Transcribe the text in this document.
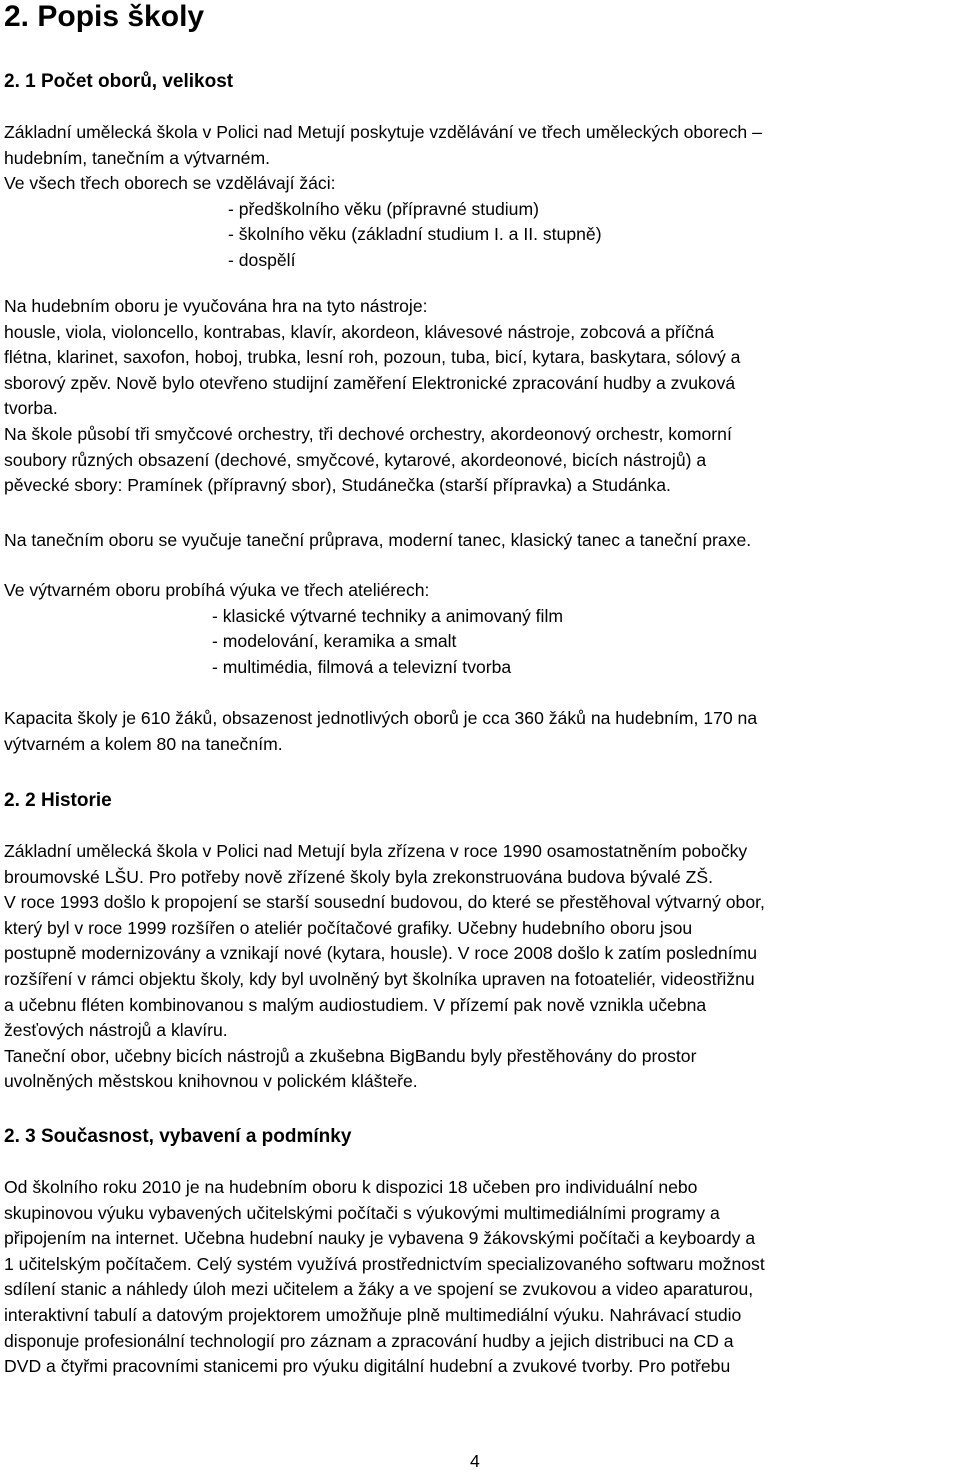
2. Popis školy
2. 1 Počet oborů, velikost
Základní umělecká škola v Polici nad Metují poskytuje vzdělávání ve třech uměleckých oborech –
hudebním, tanečním a výtvarném.
Ve všech třech oborech se vzdělávají žáci:
- předškolního věku (přípravné studium)
- školního věku (základní studium I. a II. stupně)
- dospělí
Na hudebním oboru je vyučována hra na tyto nástroje:
housle, viola, violoncello, kontrabas, klavír, akordeon, klávesové nástroje, zobcová a příčná
flétna, klarinet, saxofon, hoboj, trubka, lesní roh, pozoun, tuba, bicí, kytara, baskytara, sólový a
sborový zpěv. Nově bylo otevřeno studijní zaměření Elektronické zpracování hudby a zvuková
tvorba.
Na škole působí tři smyčcové orchestry, tři dechové orchestry, akordeonový orchestr, komorní
soubory různých obsazení (dechové, smyčcové, kytarové, akordeonové, bicích nástrojů) a
pěvecké sbory: Pramínek (přípravný sbor), Studánečka (starší přípravka) a Studánka.
Na tanečním oboru se vyučuje taneční průprava, moderní tanec, klasický tanec a taneční praxe.
Ve výtvarném oboru probíhá výuka ve třech ateliérech:
- klasické výtvarné techniky a animovaný film
- modelování, keramika a smalt
- multimédia, filmová a televizní tvorba
Kapacita školy je 610 žáků, obsazenost jednotlivých oborů je cca 360 žáků na hudebním, 170 na
výtvarném a kolem 80 na tanečním.
2. 2 Historie
Základní umělecká škola v Polici nad Metují byla zřízena v roce 1990 osamostatněním pobočky
broumovské LŠU. Pro potřeby nově zřízené školy byla zrekonstruována budova bývalé ZŠ.
V roce 1993 došlo k propojení se starší sousední budovou, do které se přestěhoval výtvarný obor,
který byl v roce 1999 rozšířen o ateliér počítačové grafiky. Učebny hudebního oboru jsou
postupně modernizovány a vznikají nové (kytara, housle). V roce 2008 došlo k zatím poslednímu
rozšíření v rámci objektu školy, kdy byl uvolněný byt školníka upraven na fotoateliér, videostřižnu
a učebnu fléten kombinovanou s malým audiostudiem. V přízemí pak nově vznikla učebna
žesťových nástrojů a klavíru.
Taneční obor, učebny bicích nástrojů a zkušebna BigBandu byly přestěhovány do prostor
uvolněných městskou knihovnou v polickém klášteře.
2. 3 Současnost, vybavení a podmínky
Od školního roku 2010 je na hudebním oboru k dispozici 18 učeben pro individuální nebo
skupinovou výuku vybavených učitelskými počítači s výukovými multimediálními programy a
připojením na internet. Učebna hudební nauky je vybavena 9 žákovskými počítači a keyboardy a
1 učitelským počítačem. Celý systém využívá prostřednictvím specializovaného softwaru možnost
sdílení stanic a náhledy úloh mezi učitelem a žáky a ve spojení se zvukovou a video aparaturou,
interaktivní tabulí a datovým projektorem umožňuje plně multimediální výuku. Nahrávací studio
disponuje profesionální technologií pro záznam a zpracování hudby a jejich distribuci na CD a
DVD a čtyřmi pracovními stanicemi pro výuku digitální hudební a zvukové tvorby. Pro potřebu
4
